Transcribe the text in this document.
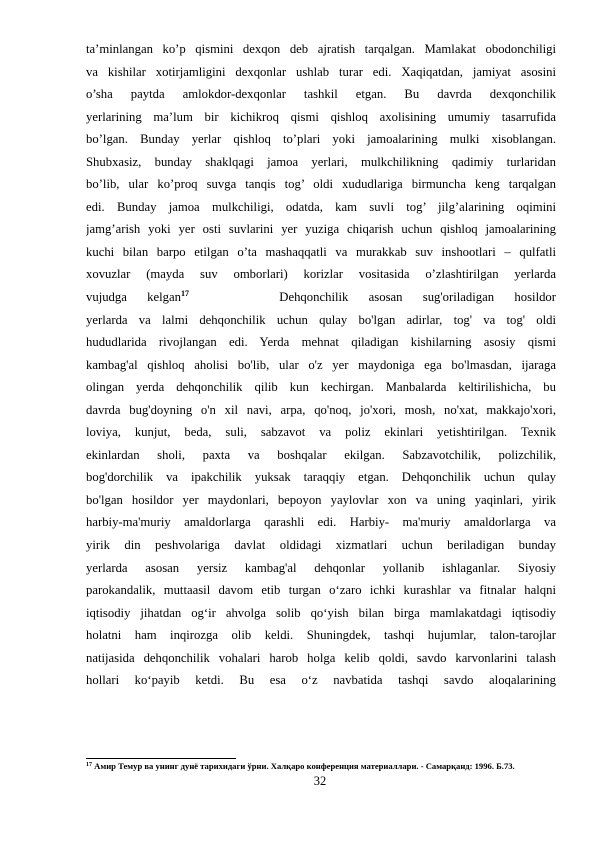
ta’minlangan ko’p qismini dexqon deb ajratish tarqalgan. Mamlakat obodonchiligi
va kishilar xotirjamligini dexqonlar ushlab turar edi. Xaqiqatdan, jamiyat asosini
o’sha paytda amlokdor-dexqonlar tashkil etgan. Bu davrda dexqonchilik
yerlarining ma’lum bir kichikroq qismi qishloq axolisining umumiy tasarrufida
bo’lgan. Bunday yerlar qishloq to’plari yoki jamoalarining mulki xisoblangan.
Shubxasiz, bunday shaklqagi jamoa yerlari, mulkchilikning qadimiy turlaridan
bo’lib, ular ko’proq suvga tanqis tog’ oldi xududlariga birmuncha keng tarqalgan
edi. Bunday jamoa mulkchiligi, odatda, kam suvli tog’ jilg’alarining oqimini
jamg’arish yoki yer osti suvlarini yer yuziga chiqarish uchun qishloq jamoalarining
kuchi bilan barpo etilgan o’ta mashaqqatli va murakkab suv inshootlari – qulfatli
xovuzlar (mayda suv omborlari) korizlar vositasida o’zlashtirilgan yerlarda
vujudga kelgan$^{17}$	Dehqonchilik asosan sug'oriladigan hosildor
yerlarda va lalmi dehqonchilik uchun qulay bo'lgan adirlar, tog' va tog' oldi
hududlarida rivojlangan edi. Yerda mehnat qiladigan kishilarning asosiy qismi
kambag'al qishloq aholisi bo'lib, ular o'z yer maydoniga ega bo'lmasdan, ijaraga
olingan yerda dehqonchilik qilib kun kechirgan. Manbalarda keltirilishicha, bu
davrda bug'doyning o'n xil navi, arpa, qo'noq, jo'xori, mosh, no'xat, makkajo'xori,
loviya, kunjut, beda, suli, sabzavot va poliz ekinlari yetishtirilgan. Texnik
ekinlardan sholi, paxta va boshqalar ekilgan. Sabzavotchilik, polizchilik,
bog'dorchilik va ipakchilik yuksak taraqqiy etgan. Dehqonchilik uchun qulay
bo'lgan hosildor yer maydonlari, bepoyon yaylovlar xon va uning yaqinlari, yirik
harbiy-ma'muriy amaldorlarga qarashli edi. Harbiy- ma'muriy amaldorlarga va
yirik din peshvolariga davlat oldidagi xizmatlari uchun beriladigan bunday
yerlarda asosan yersiz kambag'al dehqonlar yollanib ishlaganlar. Siyosiy
parokandalik, muttaasil davom etib turgan o‘zaro ichki kurashlar va fitnalar halqni
iqtisodiy jihatdan og‘ir ahvolga solib qo‘yish bilan birga mamlakatdagi iqtisodiy
holatni ham inqirozga olib keldi. Shuningdek, tashqi hujumlar, talon-tarojlar
natijasida dehqonchilik vohalari harob holga kelib qoldi, savdo karvonlarini talash
hollari ko‘payib ketdi. Bu esa o‘z navbatida tashqi savdo aloqalarining
$^{17}$ Амир Темур ва унинг дунё тарихидаги ўрни. Халқаро конференция материаллари. - Самарқанд: 1996. Б.73.
32
